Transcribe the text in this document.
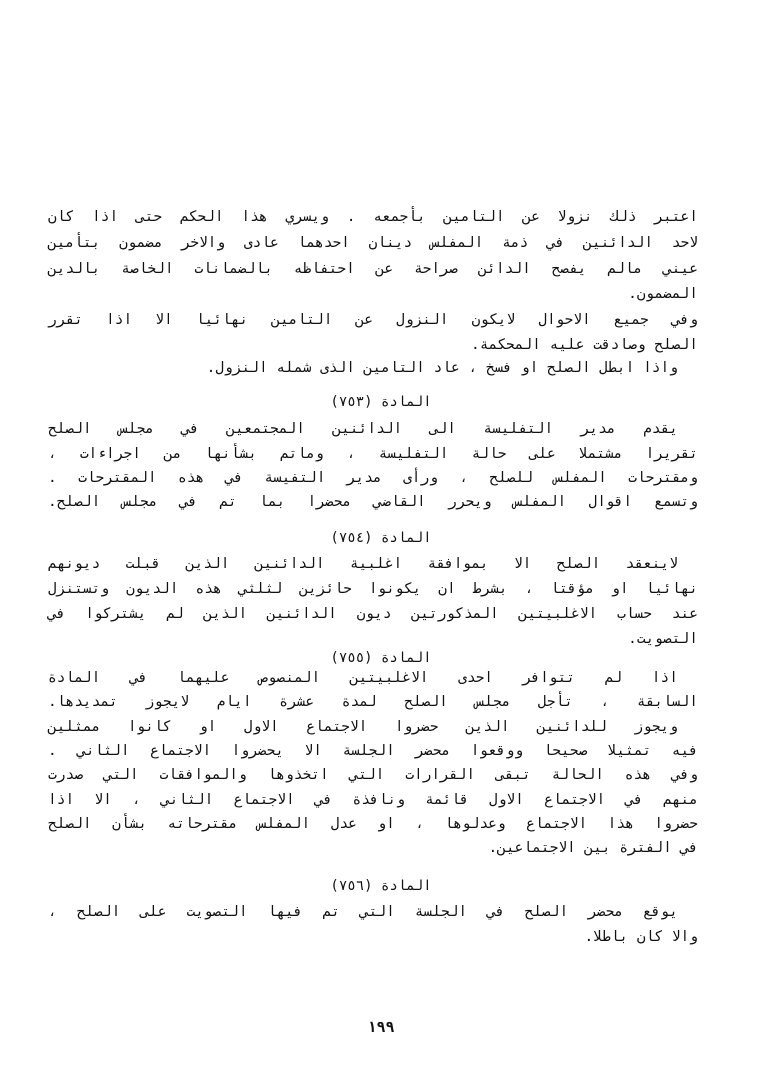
اعتبر ذلك نزولا عن التامين بأجمعه . ويسري هذا الحكم حتى اذا كان
لاحد الدائنين في ذمة المفلس دينان احدهما عادى والاخر مضمون بتأمين
عيني مالم يفصح الدائن صراحة عن احتفاظه بالضمانات الخاصة بالدين
المضمون.
وفي جميع الاحوال لايكون النزول عن التامين نهائيا الا اذا تقرر
الصلح وصادقت عليه المحكمة.
واذا ابطل الصلح او فسخ ، عاد التامين الذى شمله النزول.
المادة (٧٥٣)
يقدم مدير التفليسة الى الدائنين المجتمعين في مجلس الصلح
تقريرا مشتملا على حالة التفليسة ، وماتم بشأنها من اجراءات ،
ومقترحات المفلس للصلح ، ورأى مدير التفيسة في هذه المقترحات .
وتسمع اقوال المفلس ويحرر القاضي محضرا بما تم في مجلس الصلح.
المادة (٧٥٤)
لاينعقد الصلح الا بموافقة اغلبية الدائنين الذين قبلت ديونهم
نهائيا او مؤقتا ، بشرط ان يكونوا حائزين لثلثي هذه الديون وتستنزل
عند حساب الاغلبيتين المذكورتين ديون الدائنين الذين لم يشتركوا في
التصويت.
المادة (٧٥٥)
اذا لم تتوافر احدى الاغلبيتين المنصوص عليهما في المادة
السابقة ، تأجل مجلس الصلح لمدة عشرة ايام لايجوز تمديدها.
ويجوز للدائنين الذين حضروا الاجتماع الاول او كانوا ممثلين
فيه تمثيلا صحيحا ووقعوا محضر الجلسة الا يحضروا الاجتماع الثاني .
وفي هذه الحالة تبقى القرارات التي اتخذوها والموافقات التي صدرت
منهم في الاجتماع الاول قائمة ونافذة في الاجتماع الثاني ، الا اذا
حضروا هذا الاجتماع وعدلوها ، او عدل المفلس مقترحاته بشأن الصلح
في الفترة بين الاجتماعين.
المادة (٧٥٦)
يوقع محضر الصلح في الجلسة التي تم فيها التصويت على الصلح ،
والا كان باطلا.
١٩٩
